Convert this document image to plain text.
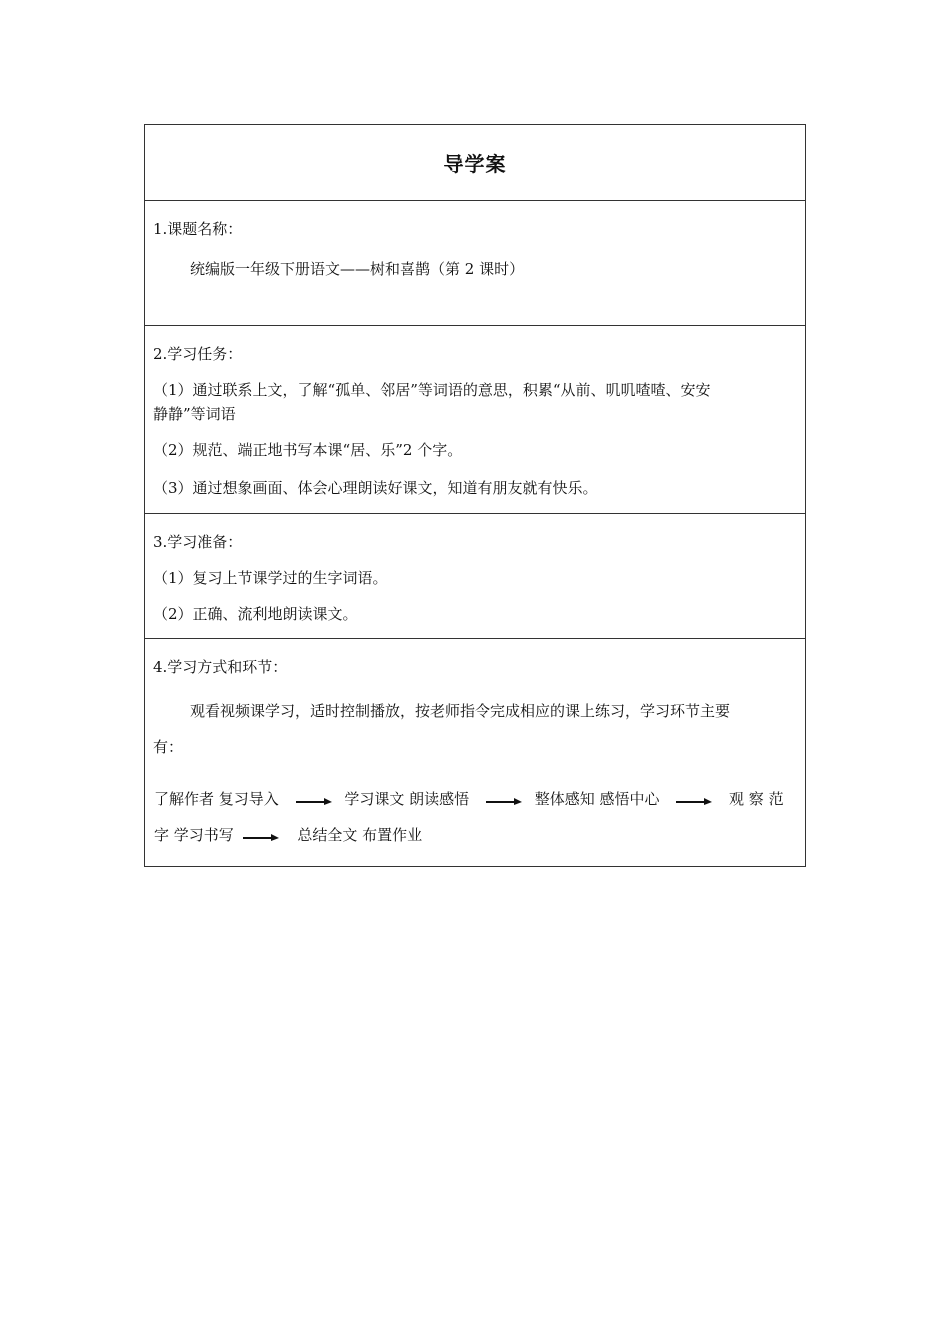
导学案
1.课题名称：
统编版一年级下册语文——树和喜鹊（第 2 课时）
2.学习任务：
（1）通过联系上文，了解“孤单、邻居”等词语的意思，积累“从前、叽叽喳喳、安安
静静”等词语
（2）规范、端正地书写本课“居、乐”2 个字。
（3）通过想象画面、体会心理朗读好课文，知道有朋友就有快乐。
3.学习准备：
（1）复习上节课学过的生字词语。
（2）正确、流利地朗读课文。
4.学习方式和环节：
观看视频课学习，适时控制播放，按老师指令完成相应的课上练习，学习环节主要
有：
了解作者 复习导入	学习课文 朗读感悟	整体感知 感悟中心	观 察 范
字 学习书写	总结全文 布置作业
